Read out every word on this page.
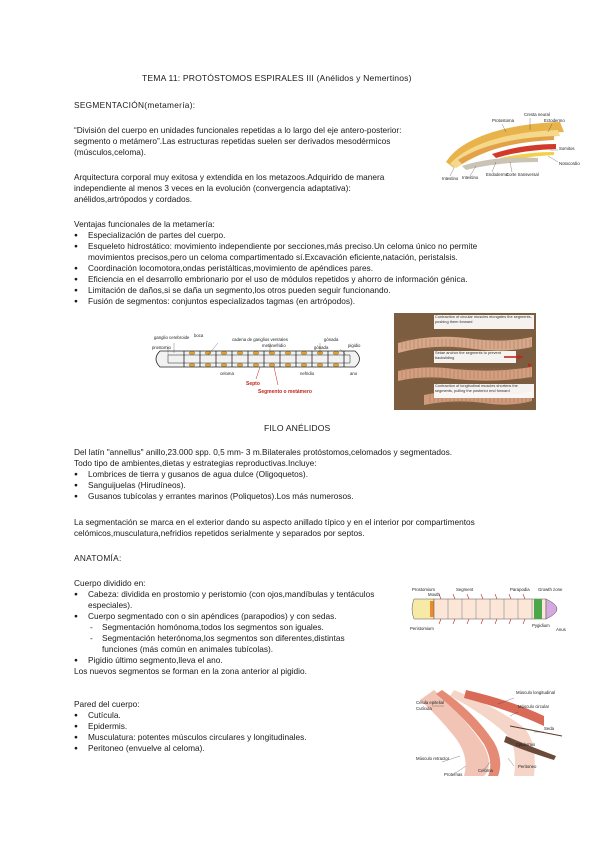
TEMA 11: PROTÓSTOMOS ESPIRALES III (Anélidos y Nemertinos)
SEGMENTACIÓN(metamería):
“División del cuerpo en unidades funcionales repetidas a lo largo del eje antero-posterior:
segmento o metámero”.Las estructuras repetidas suelen ser derivados mesodérmicos
(músculos,celoma).
Arquitectura corporal muy exitosa y extendida en los metazoos.Adquirido de manera
independiente al menos 3 veces en la evolución (convergencia adaptativa):
anélidos,artrópodos y cordados.
Ventajas funcionales de la metamería:
● Especialización de partes del cuerpo.
● Esqueleto hidrostático: movimiento independiente por secciones,más preciso.Un celoma único no permite
movimientos precisos,pero un celoma compartimentado sí.Excavación eficiente,natación, peristalsis.
● Coordinación locomotora,ondas peristálticas,movimiento de apéndices pares.
● Eficiencia en el desarrollo embrionario por el uso de módulos repetidos y ahorro de información génica.
● Limitación de daños,si se daña un segmento,los otros pueden seguir funcionando.
● Fusión de segmentos: conjuntos especializados tagmas (en artrópodos).
Protostoma
Cresta neural
Ectodermo
Somitos
Notocordio
Intestino
Endodermo
Intestino
Corte transversal
ganglio cerebroide boca
cadena de ganglios ventrales	gónada
prostomio	metanefridio	gónada	pigidio
nefridio	ano
celoma
Septo
Segmento o metámero
Contraction of circular muscles elongates the segments, pushing them forward
Setae anchor the segments to prevent backsliding
Contraction of longitudinal muscles shortens the segments, pulling the posterior end forward
FILO ANÉLIDOS
Del latín "annellus" anillo,23.000 spp. 0,5 mm- 3 m.Bilaterales protóstomos,celomados y segmentados.
Todo tipo de ambientes,dietas y estrategias reproductivas.Incluye:
● Lombrices de tierra y gusanos de agua dulce (Oligoquetos).
● Sanguijuelas (Hirudíneos).
● Gusanos tubícolas y errantes marinos (Poliquetos).Los más numerosos.
La segmentación se marca en el exterior dando su aspecto anillado típico y en el interior por compartimentos
celómicos,musculatura,nefridios repetidos serialmente y separados por septos.
ANATOMÍA:
Cuerpo dividido en:
● Cabeza: dividida en prostomio y peristomio (con ojos,mandíbulas y tentáculos
especiales).
● Cuerpo segmentado con o sin apéndices (parapodios) y con sedas.
- Segmentación homónoma,todos los segmentos son iguales.
- Segmentación heterónoma,los segmentos son diferentes,distintas
funciones (más común en animales tubícolas).
● Pigidio último segmento,lleva el ano.
Los nuevos segmentos se forman en la zona anterior al pigidio.
Pared del cuerpo:
● Cutícula.
● Epidermis.
● Musculatura: potentes músculos circulares y longitudinales.
● Peritoneo (envuelve al celoma).
Prostomium
Mouth
Peristomium
Segment	Parapodia Growth zone
Pygidium
Anus
Célula epitelial
Cutícula
Músculo longitudinal
Músculo circular
Seda
Epidermis
Peritoneo
Celoma
Músculo retractor
Proteínas
